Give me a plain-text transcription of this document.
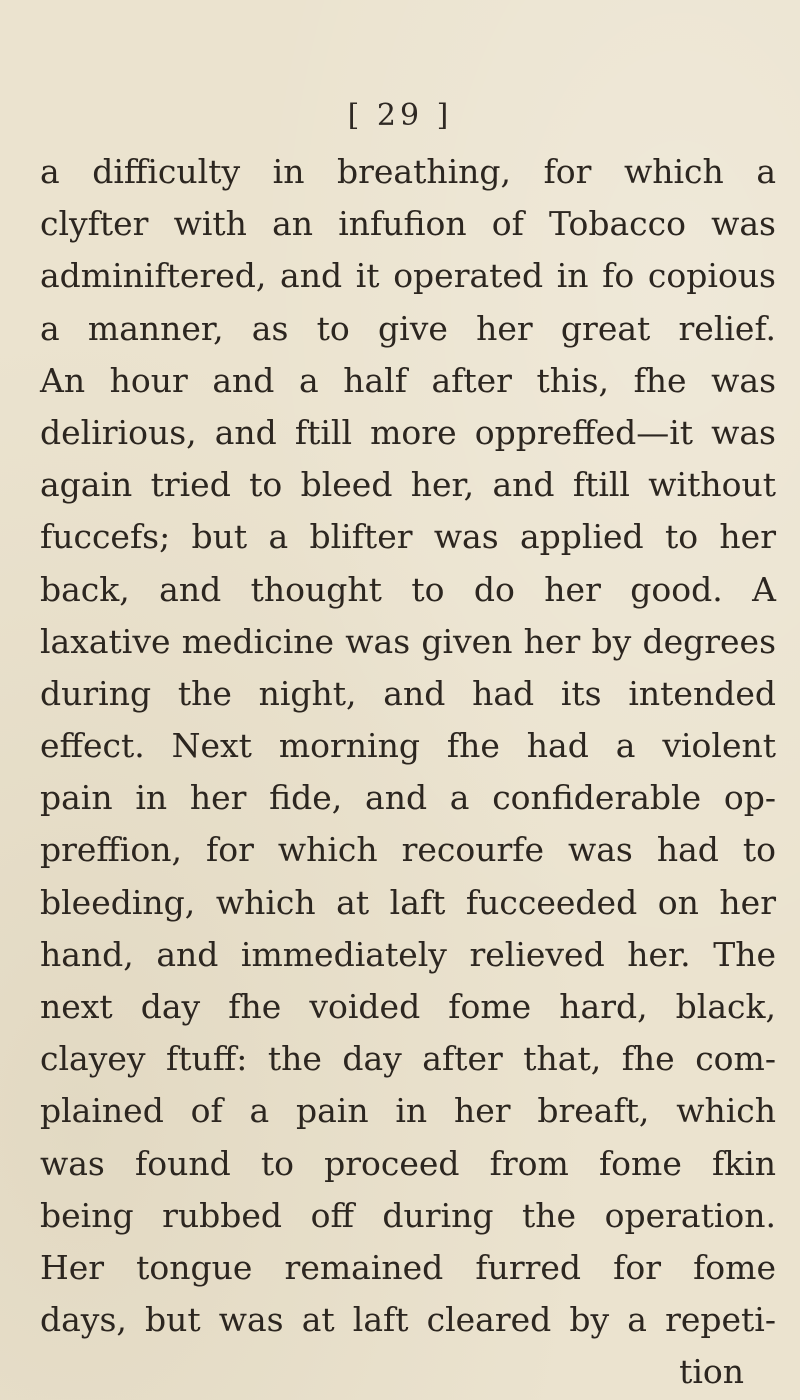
[ 29 ]
a difficulty in breathing, for which a
clyfter with an infufion of Tobacco was
adminiftered, and it operated in fo copious
a manner, as to give her great relief.
An hour and a half after this, fhe was
delirious, and ftill more oppreffed—it was
again tried to bleed her, and ftill without
fuccefs; but a blifter was applied to her
back, and thought to do her good. A
laxative medicine was given her by degrees
during the night, and had its intended
effect. Next morning fhe had a violent
pain in her fide, and a confiderable op-
preffion, for which recourfe was had to
bleeding, which at laft fucceeded on her
hand, and immediately relieved her. The
next day fhe voided fome hard, black,
clayey ftuff: the day after that, fhe com-
plained of a pain in her breaft, which
was found to proceed from fome fkin
being rubbed off during the operation.
Her tongue remained furred for fome
days, but was at laft cleared by a repeti-
tion
